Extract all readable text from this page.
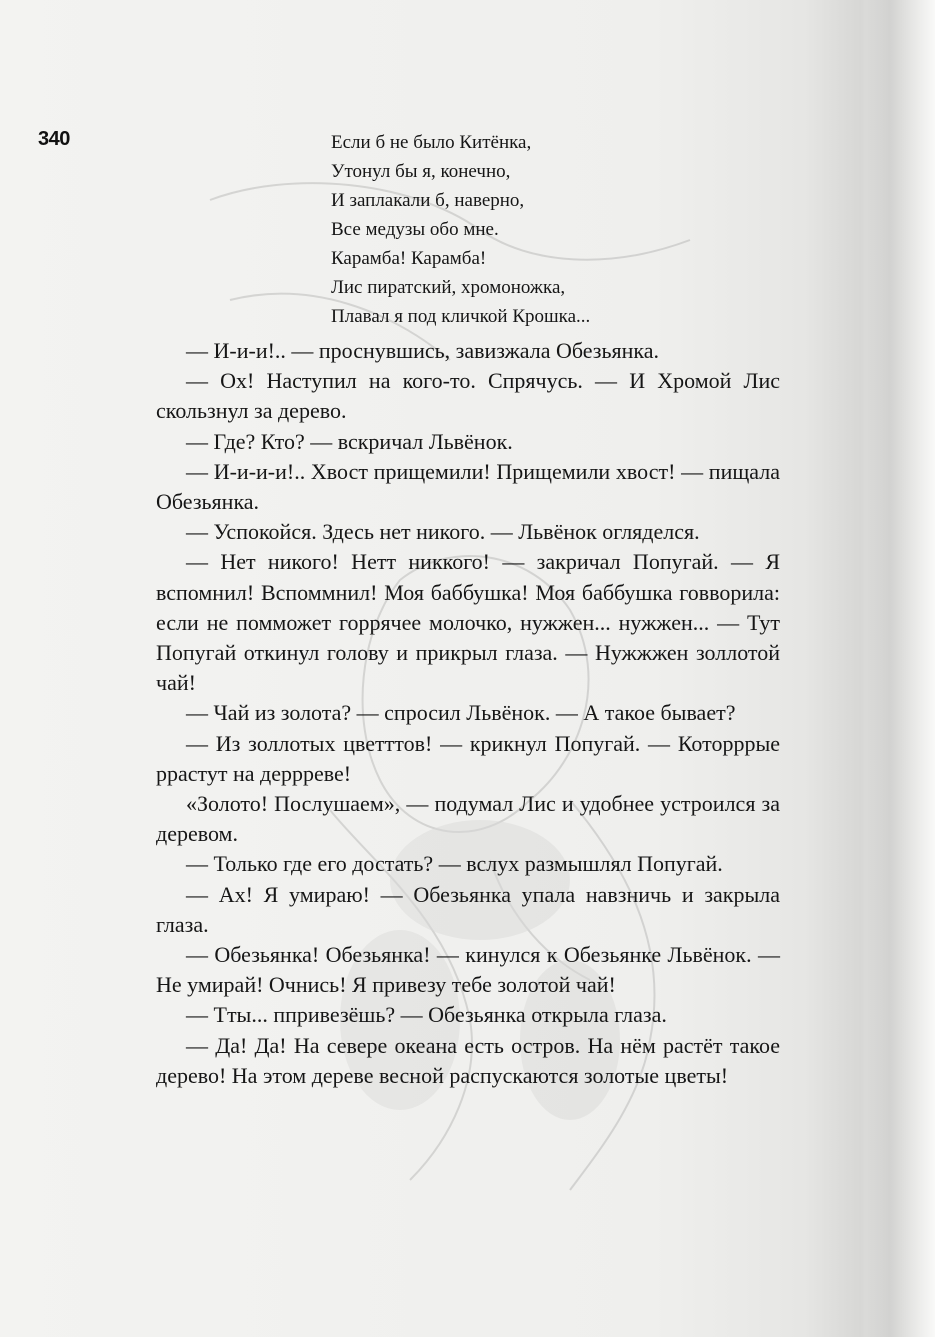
340	Если б не было Китёнка,
Утонул бы я, конечно,
И заплакали б, наверно,
Все медузы обо мне.
Карамба! Карамба!
Лис пиратский, хромоножка,
Плавал я под кличкой Крошка...

— И-и-и!.. — проснувшись, завизжала Обезьянка.

— Ох! Наступил на кого-то. Спрячусь. — И Хромой Лис скользнул за дерево.

— Где? Кто? — вскричал Львёнок.

— И-и-и-и!.. Хвост прищемили! Прищемили хвост! — пищала Обезьянка.

— Успокойся. Здесь нет никого. — Львёнок огляделся.

— Нет никого! Нетт никкого! — закричал Попугай. — Я вспомнил! Вспоммнил! Моя баббушка! Моя баббушка говворила: если не помможет горрячее молочко, нужжен... нужжен... — Тут Попугай откинул голову и прикрыл глаза. — Нужжжен золлотой чай!

— Чай из золота? — спросил Львёнок. — А такое бывает?

— Из золлотых цветттов! — крикнул Попугай. — Которррые ррастут на деррреве!

«Золото! Послушаем», — подумал Лис и удобнее устроился за деревом.

— Только где его достать? — вслух размышлял Попугай.

— Ах! Я умираю! — Обезьянка упала навзничь и закрыла глаза.

— Обезьянка! Обезьянка! — кинулся к Обезьянке Львёнок. — Не умирай! Очнись! Я привезу тебе золотой чай!

— Тты... ппривезёшь? — Обезьянка открыла глаза.

— Да! Да! На севере океана есть остров. На нём растёт такое дерево! На этом дереве весной распускаются золотые цветы!
